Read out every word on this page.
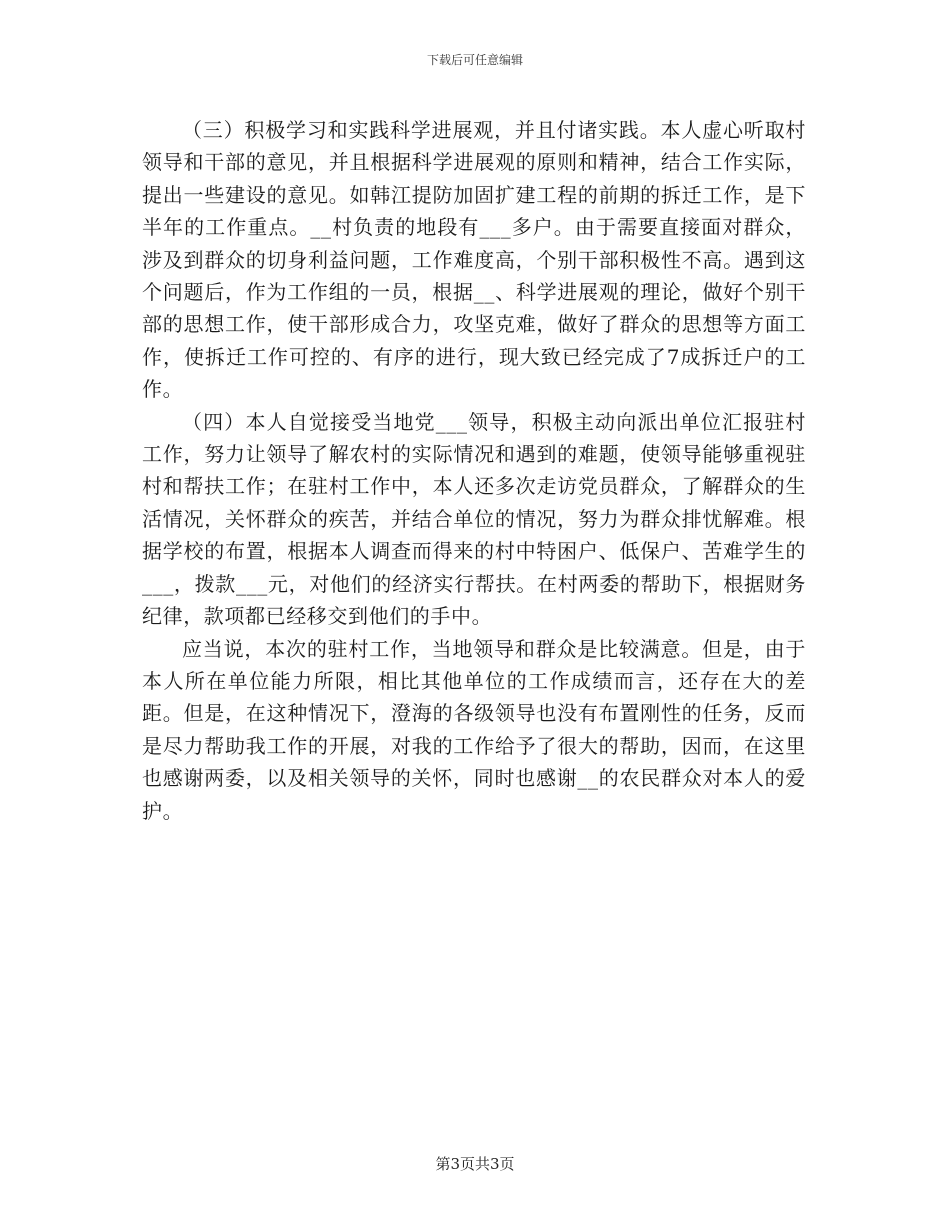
下载后可任意编辑

（三）积极学习和实践科学进展观，并且付诸实践。本人虚心听取村领导和干部的意见，并且根据科学进展观的原则和精神，结合工作实际，提出一些建设的意见。如韩江提防加固扩建工程的前期的拆迁工作，是下半年的工作重点。__村负责的地段有___多户。由于需要直接面对群众，涉及到群众的切身利益问题，工作难度高，个别干部积极性不高。遇到这个问题后，作为工作组的一员，根据__、科学进展观的理论，做好个别干部的思想工作，使干部形成合力，攻坚克难，做好了群众的思想等方面工作，使拆迁工作可控的、有序的进行，现大致已经完成了7成拆迁户的工作。

（四）本人自觉接受当地党___领导，积极主动向派出单位汇报驻村工作，努力让领导了解农村的实际情况和遇到的难题，使领导能够重视驻村和帮扶工作；在驻村工作中，本人还多次走访党员群众，了解群众的生活情况，关怀群众的疾苦，并结合单位的情况，努力为群众排忧解难。根据学校的布置，根据本人调查而得来的村中特困户、低保户、苦难学生的___，拨款___元，对他们的经济实行帮扶。在村两委的帮助下，根据财务纪律，款项都已经移交到他们的手中。

应当说，本次的驻村工作，当地领导和群众是比较满意。但是，由于本人所在单位能力所限，相比其他单位的工作成绩而言，还存在大的差距。但是，在这种情况下，澄海的各级领导也没有布置刚性的任务，反而是尽力帮助我工作的开展，对我的工作给予了很大的帮助，因而，在这里也感谢两委，以及相关领导的关怀，同时也感谢__的农民群众对本人的爱护。

第3页共3页
